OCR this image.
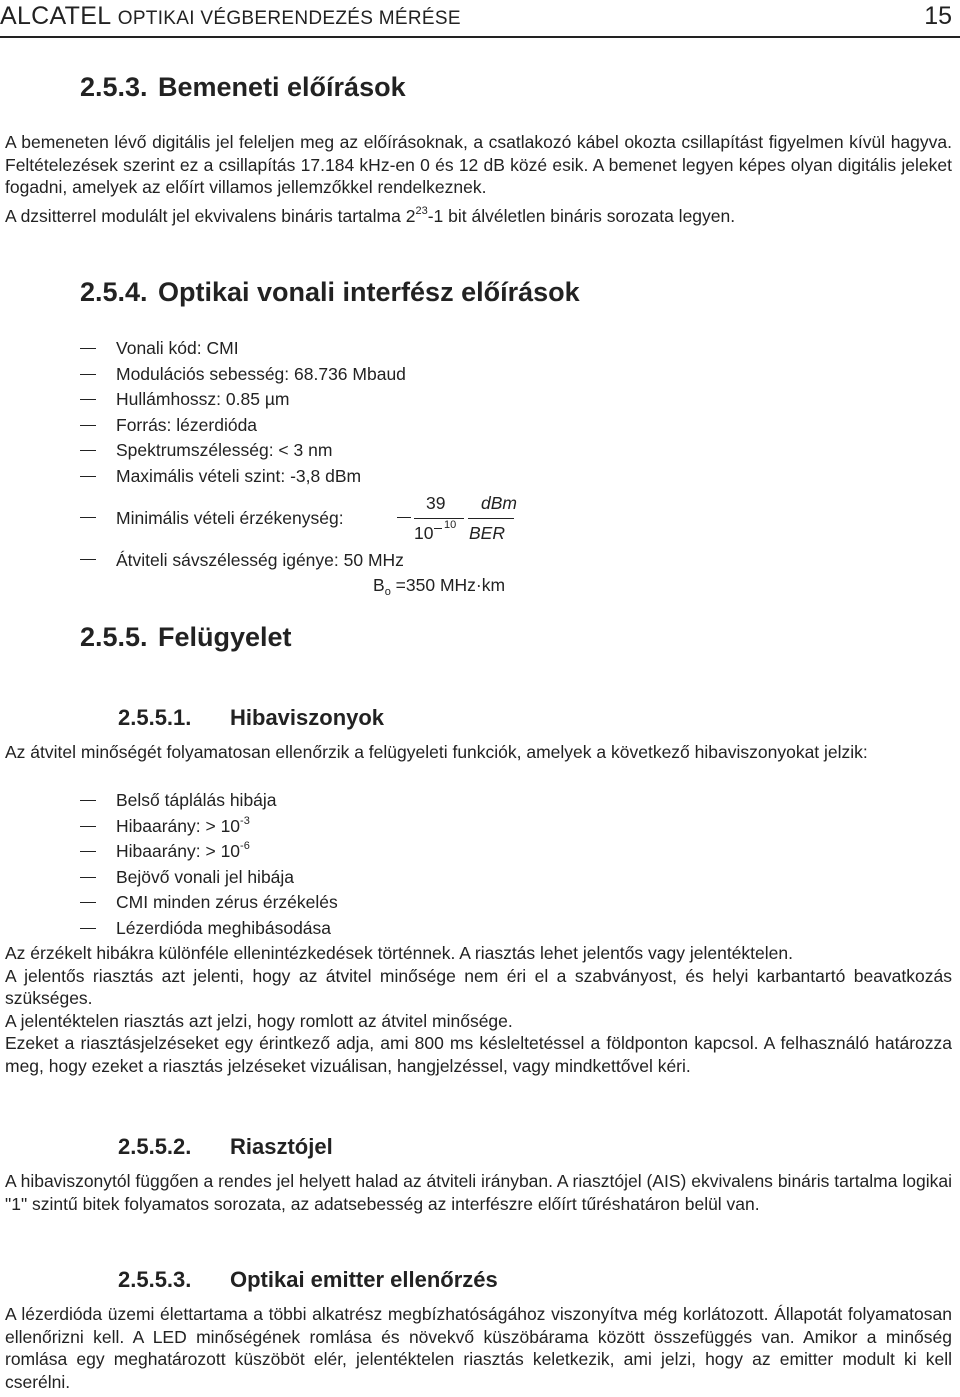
ALCATEL OPTIKAI VÉGBERENDEZÉS MÉRÉSE	15
2.5.3. Bemeneti előírások

A bemeneten lévő digitális jel feleljen meg az előírásoknak, a csatlakozó kábel okozta csillapítást figyelmen kívül hagyva. Feltételezések szerint ez a csillapítás 17.184 kHz-en 0 és 12 dB közé esik. A bemenet legyen képes olyan digitális jeleket fogadni, amelyek az előírt villamos jellemzőkkel rendelkeznek.

A dzsitterrel modulált jel ekvivalens bináris tartalma $2^{23}-1$ bit álvéletlen bináris sorozata legyen.

2.5.4. Optikai vonali interfész előírások
Vonali kód: CMI
Modulációs sebesség: 68.736 Mbaud
Hullámhossz: 0.85 µm
Forrás: lézerdióda
Spektrumszélesség: < 3 nm
Maximális vételi szint: -3,8 dBm
Minimális vételi érzékenység:
39
10 10
dBm
BER
Átviteli sávszélesség igénye: 50 MHz
$B_o =350$ MHz·km
2.5.5. Felügyelet
2.5.5.1. Hibaviszonyok
Az átvitel minőségét folyamatosan ellenőrzik a felügyeleti funkciók, amelyek a következő hibaviszonyokat jelzik:
Belső táplálás hibája
Hibaarány: > $10^{-3}$
Hibaarány: > $10^{-6}$
Bejövő vonali jel hibája
CMI minden zérus érzékelés
Lézerdióda meghibásodása

Az érzékelt hibákra különféle ellenintézkedések történnek. A riasztás lehet jelentős vagy jelentéktelen.

A jelentős riasztás azt jelenti, hogy az átvitel minősége nem éri el a szabványost, és helyi karbantartó beavatkozás szükséges.

A jelentéktelen riasztás azt jelzi, hogy romlott az átvitel minősége.

Ezeket a riasztásjelzéseket egy érintkező adja, ami 800 ms késleltetéssel a földponton kapcsol. A felhasználó határozza meg, hogy ezeket a riasztás jelzéseket vizuálisan, hangjelzéssel, vagy mindkettővel kéri.

2.5.5.2. Riasztójel
A hibaviszonytól függően a rendes jel helyett halad az átviteli irányban. A riasztójel (AIS) ekvivalens bináris tartalma logikai "1" szintű bitek folyamatos sorozata, az adatsebesség az interfészre előírt tűréshatáron belül van.
2.5.5.3. Optikai emitter ellenőrzés
A lézerdióda üzemi élettartama a többi alkatrész megbízhatóságához viszonyítva még korlátozott. Állapotát folyamatosan ellenőrizni kell. A LED minőségének romlása és növekvő küszöbárama között összefüggés van. Amikor a minőség romlása egy meghatározott küszöböt elér, jelentéktelen riasztás keletkezik, ami jelzi, hogy az emitter modult ki kell cserélni.
